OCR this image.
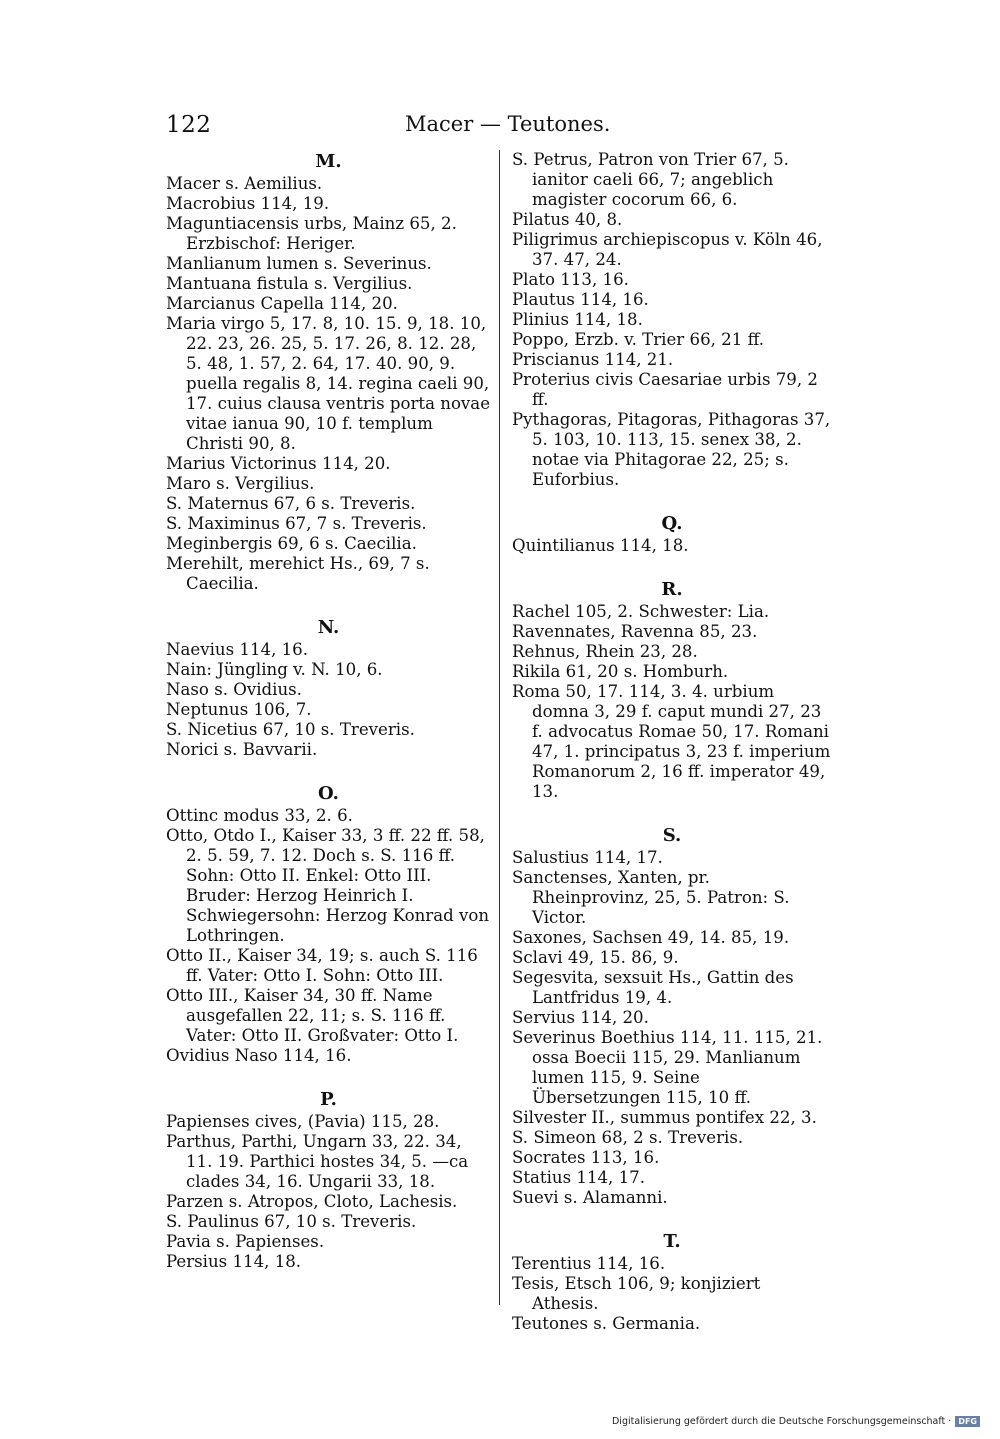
122	Macer — Teutones.
M.
Macer s. Aemilius.
Macrobius 114, 19.
Maguntiacensis urbs, Mainz 65, 2. Erzbischof: Heriger.
Manlianum lumen s. Severinus.
Mantuana fistula s. Vergilius.
Marcianus Capella 114, 20.
Maria virgo 5, 17. 8, 10. 15. 9, 18. 10, 22. 23, 26. 25, 5. 17. 26, 8. 12. 28, 5. 48, 1. 57, 2. 64, 17. 40. 90, 9. puella regalis 8, 14. regina caeli 90, 17. cuius clausa ventris porta novae vitae ianua 90, 10 f. templum Christi 90, 8.
Marius Victorinus 114, 20.
Maro s. Vergilius.
S. Maternus 67, 6 s. Treveris.
S. Maximinus 67, 7 s. Treveris.
Meginbergis 69, 6 s. Caecilia.
Merehilt, merehict Hs., 69, 7 s. Caecilia.
N.
Naevius 114, 16.
Nain: Jüngling v. N. 10, 6.
Naso s. Ovidius.
Neptunus 106, 7.
S. Nicetius 67, 10 s. Treveris.
Norici s. Bavvarii.
O.
Ottinc modus 33, 2. 6.
Otto, Otdo I., Kaiser 33, 3 ff. 22 ff. 58, 2. 5. 59, 7. 12. Doch s. S. 116 ff. Sohn: Otto II. Enkel: Otto III. Bruder: Herzog Heinrich I. Schwiegersohn: Herzog Konrad von Lothringen.
Otto II., Kaiser 34, 19; s. auch S. 116 ff. Vater: Otto I. Sohn: Otto III.
Otto III., Kaiser 34, 30 ff. Name ausgefallen 22, 11; s. S. 116 ff. Vater: Otto II. Großvater: Otto I.
Ovidius Naso 114, 16.
P.
Papienses cives, (Pavia) 115, 28.
Parthus, Parthi, Ungarn 33, 22. 34, 11. 19. Parthici hostes 34, 5. —ca clades 34, 16. Ungarii 33, 18.
Parzen s. Atropos, Cloto, Lachesis.
S. Paulinus 67, 10 s. Treveris.
Pavia s. Papienses.
Persius 114, 18.
S. Petrus, Patron von Trier 67, 5. ianitor caeli 66, 7; angeblich magister cocorum 66, 6.
Pilatus 40, 8.
Piligrimus archiepiscopus v. Köln 46, 37. 47, 24.
Plato 113, 16.
Plautus 114, 16.
Plinius 114, 18.
Poppo, Erzb. v. Trier 66, 21 ff.
Priscianus 114, 21.
Proterius civis Caesariae urbis 79, 2 ff.
Pythagoras, Pitagoras, Pithagoras 37, 5. 103, 10. 113, 15. senex 38, 2. notae via Phitagorae 22, 25; s. Euforbius.
Q.
Quintilianus 114, 18.
R.
Rachel 105, 2. Schwester: Lia.
Ravennates, Ravenna 85, 23.
Rehnus, Rhein 23, 28.
Rikila 61, 20 s. Homburh.
Roma 50, 17. 114, 3. 4. urbium domna 3, 29 f. caput mundi 27, 23 f. advocatus Romae 50, 17. Romani 47, 1. principatus 3, 23 f. imperium Romanorum 2, 16 ff. imperator 49, 13.
S.
Salustius 114, 17.
Sanctenses, Xanten, pr. Rheinprovinz, 25, 5. Patron: S. Victor.
Saxones, Sachsen 49, 14. 85, 19.
Sclavi 49, 15. 86, 9.
Segesvita, sexsuit Hs., Gattin des Lantfridus 19, 4.
Servius 114, 20.
Severinus Boethius 114, 11. 115, 21. ossa Boecii 115, 29. Manlianum lumen 115, 9. Seine Übersetzungen 115, 10 ff.
Silvester II., summus pontifex 22, 3.
S. Simeon 68, 2 s. Treveris.
Socrates 113, 16.
Statius 114, 17.
Suevi s. Alamanni.
T.
Terentius 114, 16.
Tesis, Etsch 106, 9; konjiziert Athesis.
Teutones s. Germania.
Digitalisierung gefördert durch die Deutsche Forschungsgemeinschaft · DFG
